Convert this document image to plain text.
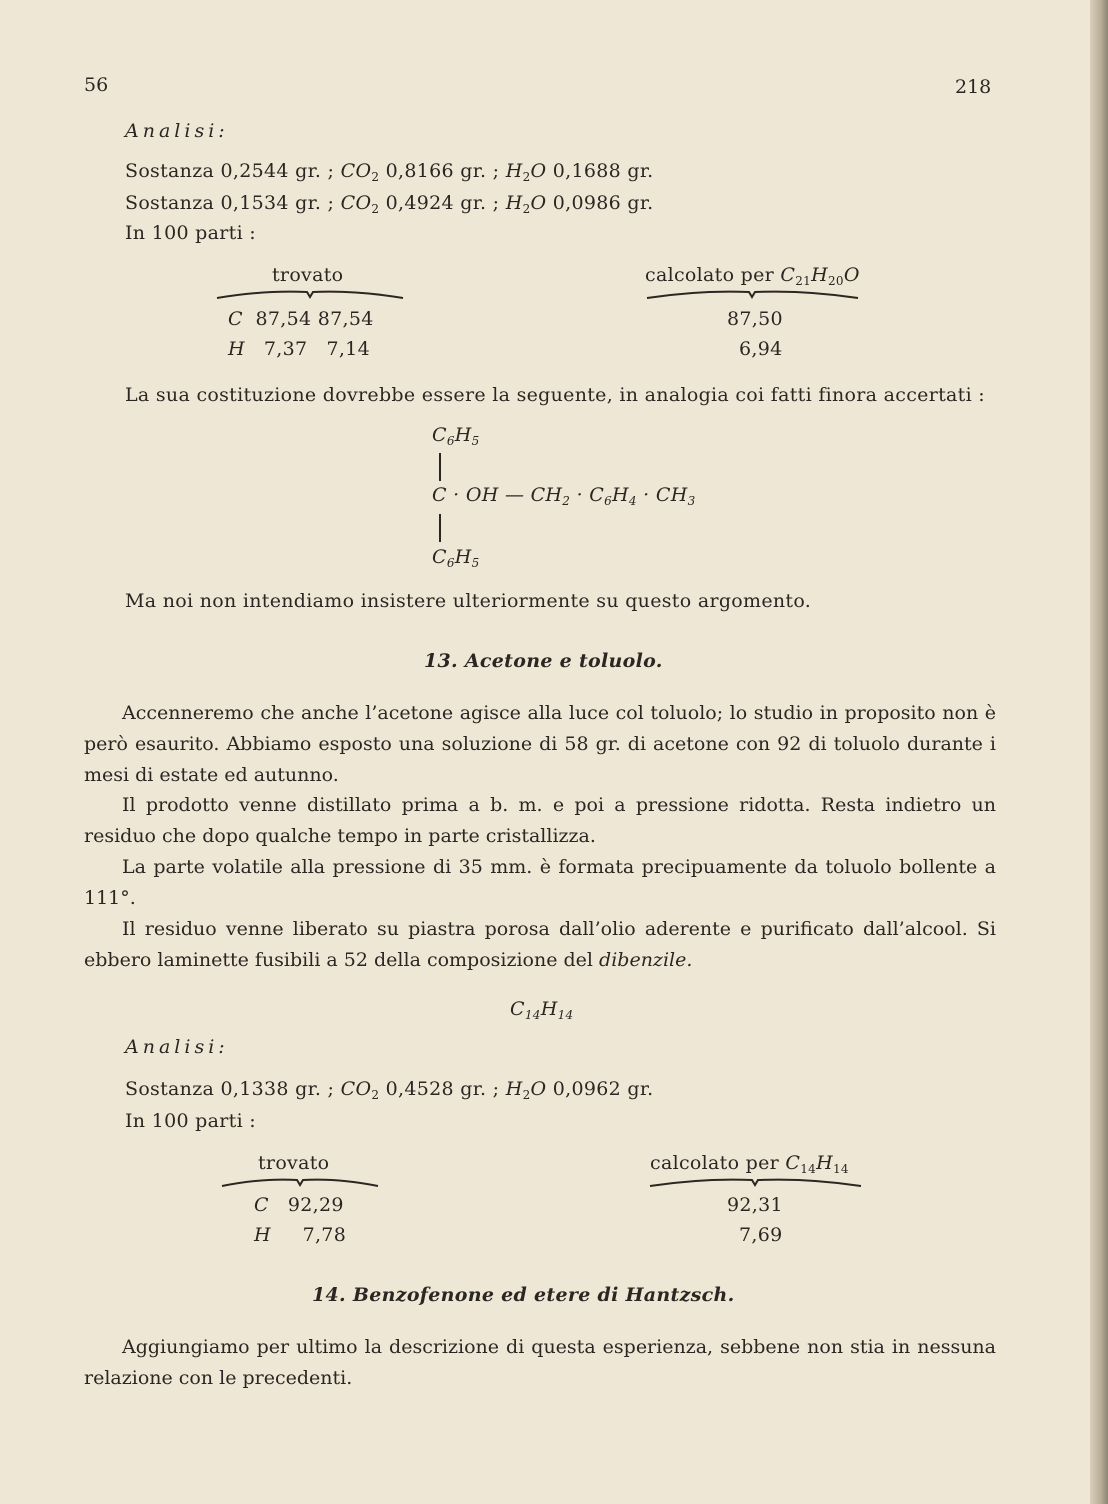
56	218
Analisi:
Sostanza 0,2544 gr. ; $CO_2$ 0,8166 gr. ; $H_2O$ 0,1688 gr.
Sostanza 0,1534 gr. ; $CO_2$ 0,4924 gr. ; $H_2O$ 0,0986 gr.
In 100 parti :
trovato	calcolato per $C_{21}H_{20}O$
C 87,54 87,54	87,50
H 7,37 7,14	6,94
La sua costituzione dovrebbe essere la seguente, in analogia coi fatti finora accertati :
$C_6H_5$
C · OH — $CH_2 \cdot C_6H_4 \cdot CH_3$
$C_6H_5$
Ma noi non intendiamo insistere ulteriormente su questo argomento.
13. Acetone e toluolo.
Accenneremo che anche l’acetone agisce alla luce col toluolo; lo studio in proposito non è però esaurito. Abbiamo esposto una soluzione di 58 gr. di acetone con 92 di toluolo durante i mesi di estate ed autunno.
Il prodotto venne distillato prima a b. m. e poi a pressione ridotta. Resta indietro un residuo che dopo qualche tempo in parte cristallizza.
La parte volatile alla pressione di 35 mm. è formata precipuamente da toluolo bollente a 111°.
Il residuo venne liberato su piastra porosa dall’olio aderente e purificato dall’alcool. Si ebbero laminette fusibili a 52 della composizione del dibenzile.
$C_{14}H_{14}$
Analisi:
Sostanza 0,1338 gr. ; $CO_2$ 0,4528 gr. ; $H_2O$ 0,0962 gr.
In 100 parti :
trovato	calcolato per $C_{14}H_{14}$
C 92,29	92,31
H 7,78	7,69
14. Benzofenone ed etere di Hantzsch.
Aggiungiamo per ultimo la descrizione di questa esperienza, sebbene non stia in nessuna relazione con le precedenti.
